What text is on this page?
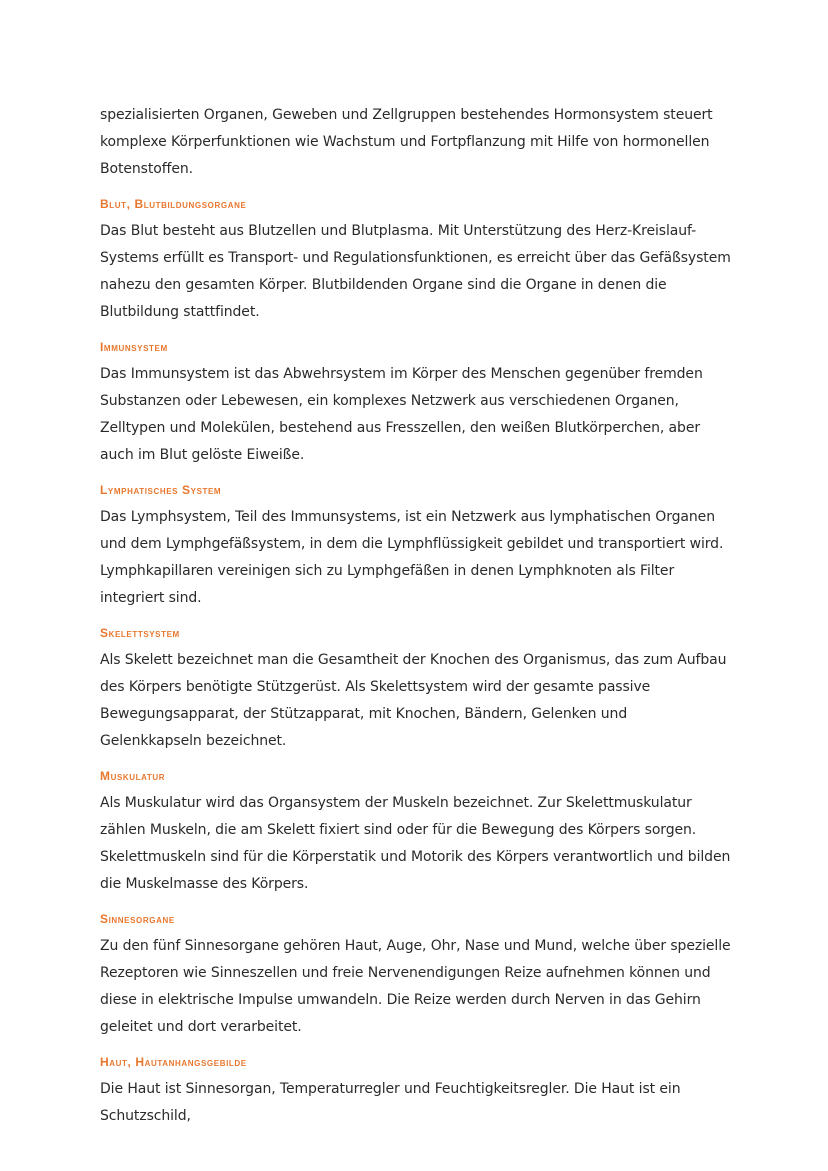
spezialisierten Organen, Geweben und Zellgruppen bestehendes Hormonsystem steuert komplexe Körperfunktionen wie Wachstum und Fortpflanzung mit Hilfe von hormonellen Botenstoffen.

Blut, Blutbildungsorgane

Das Blut besteht aus Blutzellen und Blutplasma. Mit Unterstützung des Herz-Kreislauf-Systems erfüllt es Transport- und Regulationsfunktionen, es erreicht über das Gefäßsystem nahezu den gesamten Körper. Blutbildenden Organe sind die Organe in denen die Blutbildung stattfindet.

Immunsystem

Das Immunsystem ist das Abwehrsystem im Körper des Menschen gegenüber fremden Substanzen oder Lebewesen, ein komplexes Netzwerk aus verschiedenen Organen, Zelltypen und Molekülen, bestehend aus Fresszellen, den weißen Blutkörperchen, aber auch im Blut gelöste Eiweiße.

Lymphatisches System

Das Lymphsystem, Teil des Immunsystems, ist ein Netzwerk aus lymphatischen Organen und dem Lymphgefäßsystem, in dem die Lymphflüssigkeit gebildet und transportiert wird. Lymphkapillaren vereinigen sich zu Lymphgefäßen in denen Lymphknoten als Filter integriert sind.

Skelettsystem

Als Skelett bezeichnet man die Gesamtheit der Knochen des Organismus, das zum Aufbau des Körpers benötigte Stützgerüst. Als Skelettsystem wird der gesamte passive Bewegungsapparat, der Stützapparat, mit Knochen, Bändern, Gelenken und Gelenkkapseln bezeichnet.

Muskulatur

Als Muskulatur wird das Organsystem der Muskeln bezeichnet. Zur Skelettmuskulatur zählen Muskeln, die am Skelett fixiert sind oder für die Bewegung des Körpers sorgen. Skelettmuskeln sind für die Körperstatik und Motorik des Körpers verantwortlich und bilden die Muskelmasse des Körpers.

Sinnesorgane

Zu den fünf Sinnesorgane gehören Haut, Auge, Ohr, Nase und Mund, welche über spezielle Rezeptoren wie Sinneszellen und freie Nervenendigungen Reize aufnehmen können und diese in elektrische Impulse umwandeln. Die Reize werden durch Nerven in das Gehirn geleitet und dort verarbeitet.

Haut, Hautanhangsgebilde

Die Haut ist Sinnesorgan, Temperaturregler und Feuchtigkeitsregler. Die Haut ist ein Schutzschild,
